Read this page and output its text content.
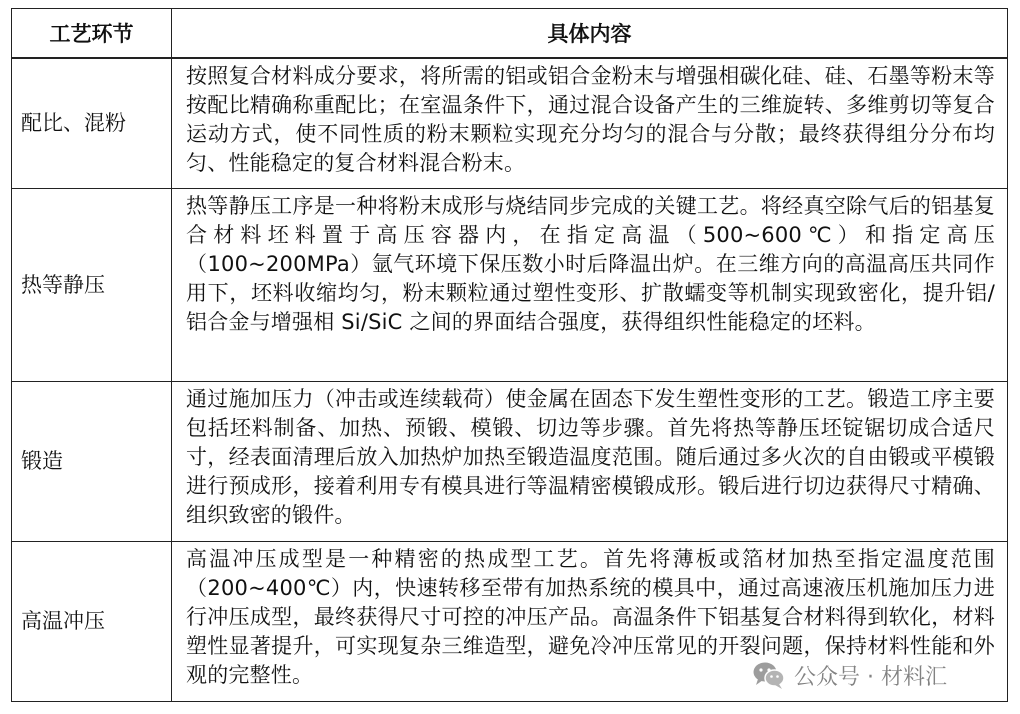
工艺环节	具体内容
配比、混粉	按照复合材料成分要求，将所需的铝或铝合金粉末与增强相碳化硅、硅、石墨等粉末等按配比精确称重配比；在室温条件下，通过混合设备产生的三维旋转、多维剪切等复合运动方式，使不同性质的粉末颗粒实现充分均匀的混合与分散；最终获得组分分布均匀、性能稳定的复合材料混合粉末。
热等静压	热等静压工序是一种将粉末成形与烧结同步完成的关键工艺。将经真空除气后的铝基复合材料坯料置于高压容器内，在指定高温（500~600℃）和指定高压（100~200MPa）氩气环境下保压数小时后降温出炉。在三维方向的高温高压共同作用下，坯料收缩均匀，粉末颗粒通过塑性变形、扩散蠕变等机制实现致密化，提升铝/铝合金与增强相 Si/SiC 之间的界面结合强度，获得组织性能稳定的坯料。
锻造	通过施加压力（冲击或连续载荷）使金属在固态下发生塑性变形的工艺。锻造工序主要包括坯料制备、加热、预锻、模锻、切边等步骤。首先将热等静压坯锭锯切成合适尺寸，经表面清理后放入加热炉加热至锻造温度范围。随后通过多火次的自由锻或平模锻进行预成形，接着利用专有模具进行等温精密模锻成形。锻后进行切边获得尺寸精确、组织致密的锻件。
高温冲压	高温冲压成型是一种精密的热成型工艺。首先将薄板或箔材加热至指定温度范围（200~400℃）内，快速转移至带有加热系统的模具中，通过高速液压机施加压力进行冲压成型，最终获得尺寸可控的冲压产品。高温条件下铝基复合材料得到软化，材料塑性显著提升，可实现复杂三维造型，避免冷冲压常见的开裂问题，保持材料性能和外观的完整性。	公众号 · 材料汇
